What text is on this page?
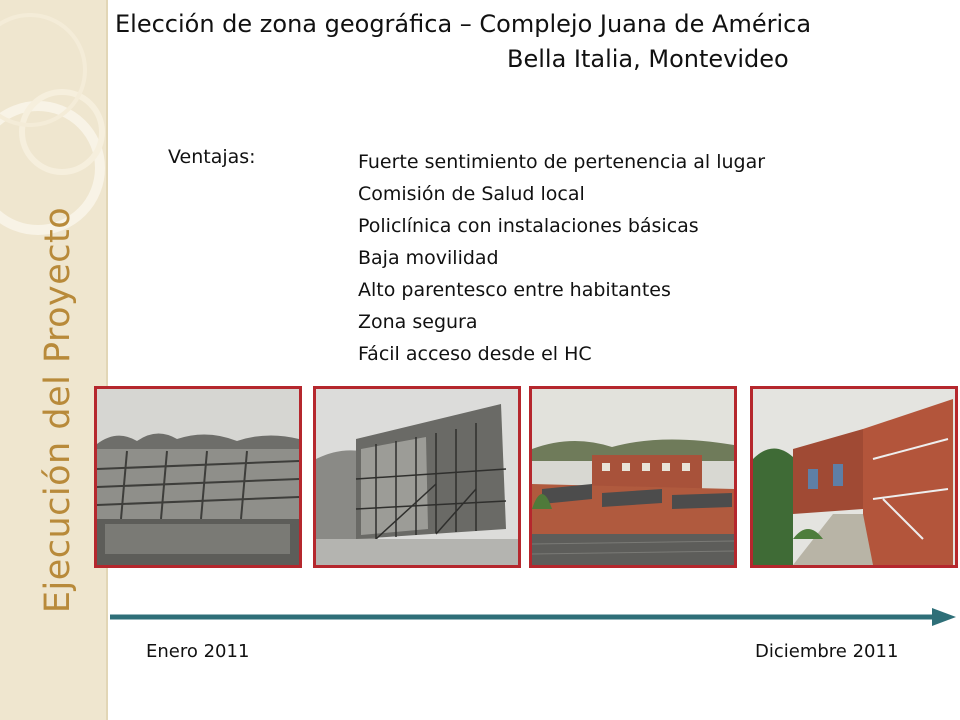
Ejecución del Proyecto
Elección de zona geográfica – Complejo Juana de América
Bella Italia, Montevideo
Ventajas:	Fuerte sentimiento de pertenencia al lugar
Comisión de Salud local
Policlínica con instalaciones básicas
Baja movilidad
Alto parentesco entre habitantes
Zona segura
Fácil acceso desde el HC
Enero 2011	Diciembre 2011
